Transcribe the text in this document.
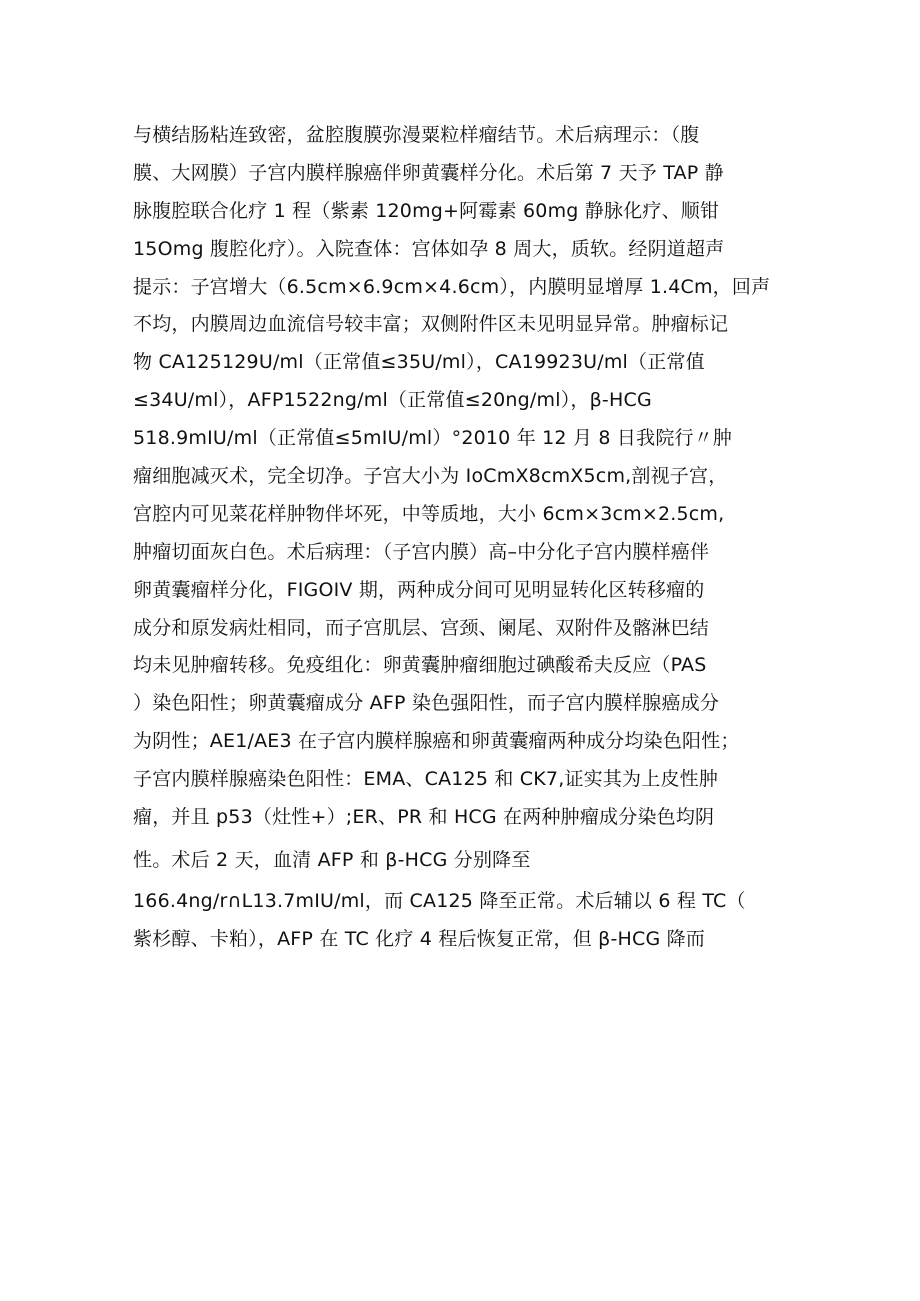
与横结肠粘连致密，盆腔腹膜弥漫粟粒样瘤结节。术后病理示：（腹
膜、大网膜）子宫内膜样腺癌伴卵黄囊样分化。术后第 7 天予 TAP 静
脉腹腔联合化疗 1 程（紫素 120mg+阿霉素 60mg 静脉化疗、顺钳
15Omg 腹腔化疗）。入院查体：宫体如孕 8 周大，质软。经阴道超声
提示：子宫增大（6.5cm×6.9cm×4.6cm），内膜明显增厚 1.4Cm，回声
不均，内膜周边血流信号较丰富；双侧附件区未见明显异常。肿瘤标记
物 CA125129U/ml（正常值≤35U/ml），CA19923U/ml（正常值
≤34U/ml），AFP1522ng/ml（正常值≤20ng/ml），β-HCG
518.9mIU/ml（正常值≤5mIU/ml）°2010 年 12 月 8 日我院行〃肿
瘤细胞减灭术，完全切净。子宫大小为 IoCmX8cmX5cm,剖视子宫，
宫腔内可见菜花样肿物伴坏死，中等质地，大小 6cm×3cm×2.5cm,
肿瘤切面灰白色。术后病理：（子宫内膜）高–中分化子宫内膜样癌伴
卵黄囊瘤样分化，FIGOIV 期，两种成分间可见明显转化区转移瘤的
成分和原发病灶相同，而子宫肌层、宫颈、阑尾、双附件及髂淋巴结
均未见肿瘤转移。免疫组化：卵黄囊肿瘤细胞过碘酸希夫反应（PAS
）染色阳性；卵黄囊瘤成分 AFP 染色强阳性，而子宫内膜样腺癌成分
为阴性；AE1/AE3 在子宫内膜样腺癌和卵黄囊瘤两种成分均染色阳性；
子宫内膜样腺癌染色阳性：EMA、CA125 和 CK7,证实其为上皮性肿
瘤，并且 p53（灶性+）;ER、PR 和 HCG 在两种肿瘤成分染色均阴
性。术后 2 天，血清 AFP 和 β-HCG 分别降至
166.4ng/r∩L13.7mIU/ml，而 CA125 降至正常。术后辅以 6 程 TC（
紫杉醇、卡粕），AFP 在 TC 化疗 4 程后恢复正常，但 β-HCG 降而
